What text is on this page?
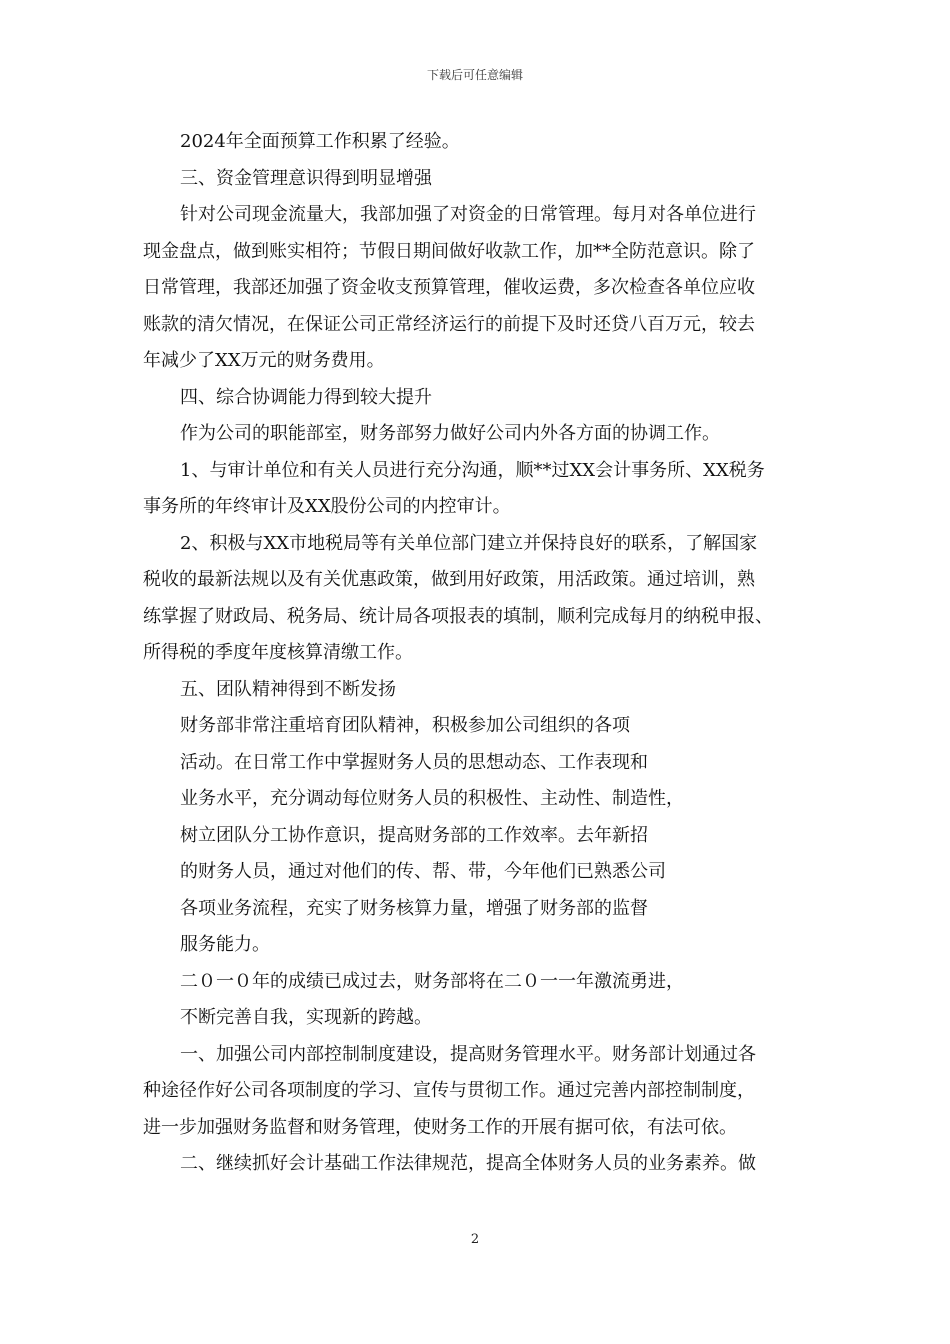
下载后可任意编辑
2024年全面预算工作积累了经验。
三、资金管理意识得到明显增强
针对公司现金流量大，我部加强了对资金的日常管理。每月对各单位进行
现金盘点，做到账实相符；节假日期间做好收款工作，加**全防范意识。除了
日常管理，我部还加强了资金收支预算管理，催收运费，多次检查各单位应收
账款的清欠情况，在保证公司正常经济运行的前提下及时还贷八百万元，较去
年减少了XX万元的财务费用。
四、综合协调能力得到较大提升
作为公司的职能部室，财务部努力做好公司内外各方面的协调工作。
1、与审计单位和有关人员进行充分沟通，顺**过XX会计事务所、XX税务
事务所的年终审计及XX股份公司的内控审计。
2、积极与XX市地税局等有关单位部门建立并保持良好的联系，了解国家
税收的最新法规以及有关优惠政策，做到用好政策，用活政策。通过培训，熟
练掌握了财政局、税务局、统计局各项报表的填制，顺利完成每月的纳税申报、
所得税的季度年度核算清缴工作。
五、团队精神得到不断发扬
财务部非常注重培育团队精神，积极参加公司组织的各项
活动。在日常工作中掌握财务人员的思想动态、工作表现和
业务水平，充分调动每位财务人员的积极性、主动性、制造性，
树立团队分工协作意识，提高财务部的工作效率。去年新招
的财务人员，通过对他们的传、帮、带，今年他们已熟悉公司
各项业务流程，充实了财务核算力量，增强了财务部的监督
服务能力。
二０一０年的成绩已成过去，财务部将在二０一一年激流勇进，
不断完善自我，实现新的跨越。
一、加强公司内部控制制度建设，提高财务管理水平。财务部计划通过各
种途径作好公司各项制度的学习、宣传与贯彻工作。通过完善内部控制制度，
进一步加强财务监督和财务管理，使财务工作的开展有据可依，有法可依。
二、继续抓好会计基础工作法律规范，提高全体财务人员的业务素养。做
2
